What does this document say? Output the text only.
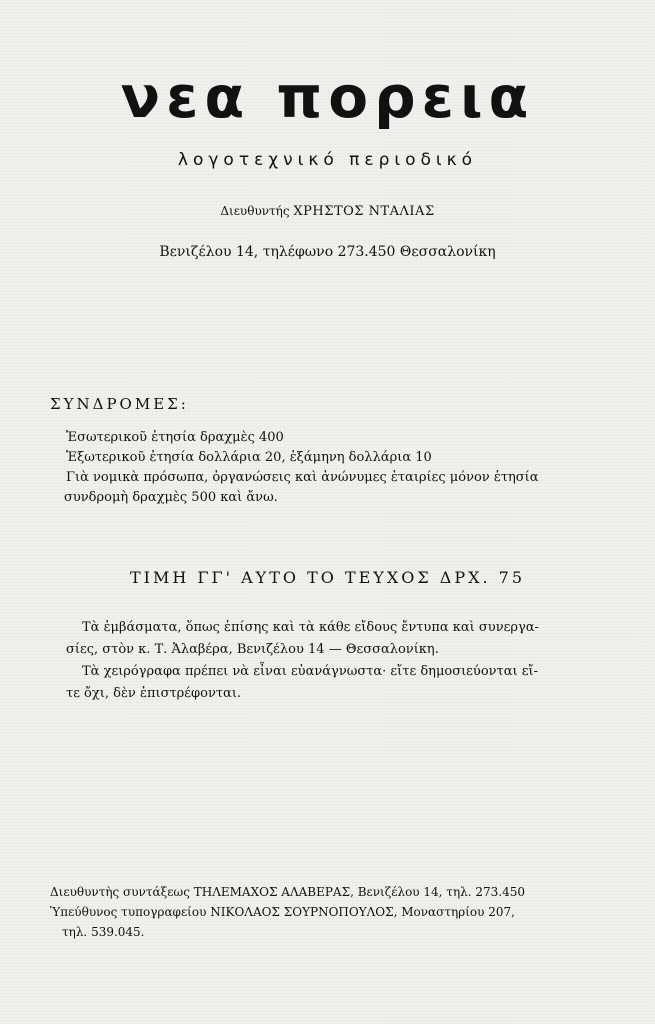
νεα πορεια
λογοτεχνικό περιοδικό
Διευθυντής ΧΡΗΣΤΟΣ ΝΤΑΛΙΑΣ
Βενιζέλου 14, τηλέφωνο 273.450 Θεσσαλονίκη
ΣΥΝΔΡΟΜΕΣ:
Ἐσωτερικοῦ ἐτησία δραχμὲς 400
Ἐξωτερικοῦ ἐτησία δολλάρια 20, ἑξάμηνη δολλάρια 10
Γιὰ νομικὰ πρόσωπα, ὀργανώσεις καὶ ἀνώνυμες ἑταιρίες μόνον ἐτησία
συνδρομὴ δραχμὲς 500 καὶ ἄνω.
ΤΙΜΗ ΓΓ' ΑΥΤΟ ΤΟ ΤΕΥΧΟΣ ΔΡΧ. 75
Τὰ ἐμβάσματα, ὅπως ἐπίσης καὶ τὰ κάθε εἴδους ἔντυπα καὶ συνεργα-
σίες, στὸν κ. Τ. Ἀλαβέρα, Βενιζέλου 14 — Θεσσαλονίκη.
Τὰ χειρόγραφα πρέπει νὰ εἶναι εὐανάγνωστα· εἴτε δημοσιεύονται εἴ-
τε ὄχι, δὲν ἐπιστρέφονται.
Διευθυντὴς συντάξεως ΤΗΛΕΜΑΧΟΣ ΑΛΑΒΕΡΑΣ, Βενιζέλου 14, τηλ. 273.450
Ὑπεύθυνος τυπογραφείου ΝΙΚΟΛΑΟΣ ΣΟΥΡΝΟΠΟΥΛΟΣ, Μοναστηρίου 207,
τηλ. 539.045.
